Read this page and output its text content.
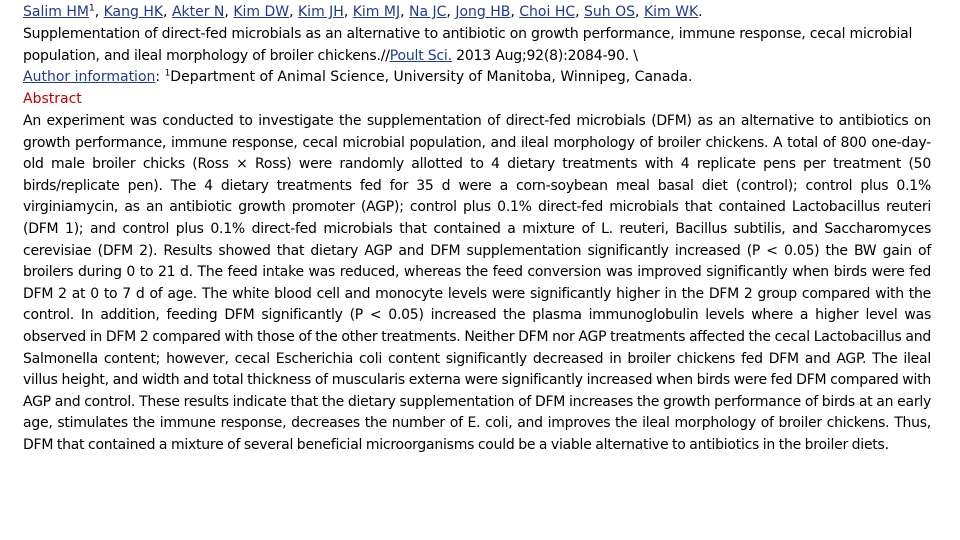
Salim $HM^1$, Kang HK, Akter N, Kim DW, Kim JH, Kim MJ, Na JC, Jong HB, Choi HC, Suh OS, Kim WK.
Supplementation of direct-fed microbials as an alternative to antibiotic on growth performance, immune response, cecal microbial population, and ileal morphology of broiler chickens.//Poult Sci. 2013 Aug;92(8):2084-90. \
Author information: $^1$Department of Animal Science, University of Manitoba, Winnipeg, Canada.
Abstract
An experiment was conducted to investigate the supplementation of direct-fed microbials (DFM) as an alternative to antibiotics on growth performance, immune response, cecal microbial population, and ileal morphology of broiler chickens. A total of 800 one-day-old male broiler chicks (Ross × Ross) were randomly allotted to 4 dietary treatments with 4 replicate pens per treatment (50 birds/replicate pen). The 4 dietary treatments fed for 35 d were a corn-soybean meal basal diet (control); control plus 0.1% virginiamycin, as an antibiotic growth promoter (AGP); control plus 0.1% direct-fed microbials that contained Lactobacillus reuteri (DFM 1); and control plus 0.1% direct-fed microbials that contained a mixture of L. reuteri, Bacillus subtilis, and Saccharomyces cerevisiae (DFM 2). Results showed that dietary AGP and DFM supplementation significantly increased (P < 0.05) the BW gain of broilers during 0 to 21 d. The feed intake was reduced, whereas the feed conversion was improved significantly when birds were fed DFM 2 at 0 to 7 d of age. The white blood cell and monocyte levels were significantly higher in the DFM 2 group compared with the control. In addition, feeding DFM significantly (P < 0.05) increased the plasma immunoglobulin levels where a higher level was observed in DFM 2 compared with those of the other treatments. Neither DFM nor AGP treatments affected the cecal Lactobacillus and Salmonella content; however, cecal Escherichia coli content significantly decreased in broiler chickens fed DFM and AGP. The ileal villus height, and width and total thickness of muscularis externa were significantly increased when birds were fed DFM compared with AGP and control. These results indicate that the dietary supplementation of DFM increases the growth performance of birds at an early age, stimulates the immune response, decreases the number of E. coli, and improves the ileal morphology of broiler chickens. Thus, DFM that contained a mixture of several beneficial microorganisms could be a viable alternative to antibiotics in the broiler diets.
